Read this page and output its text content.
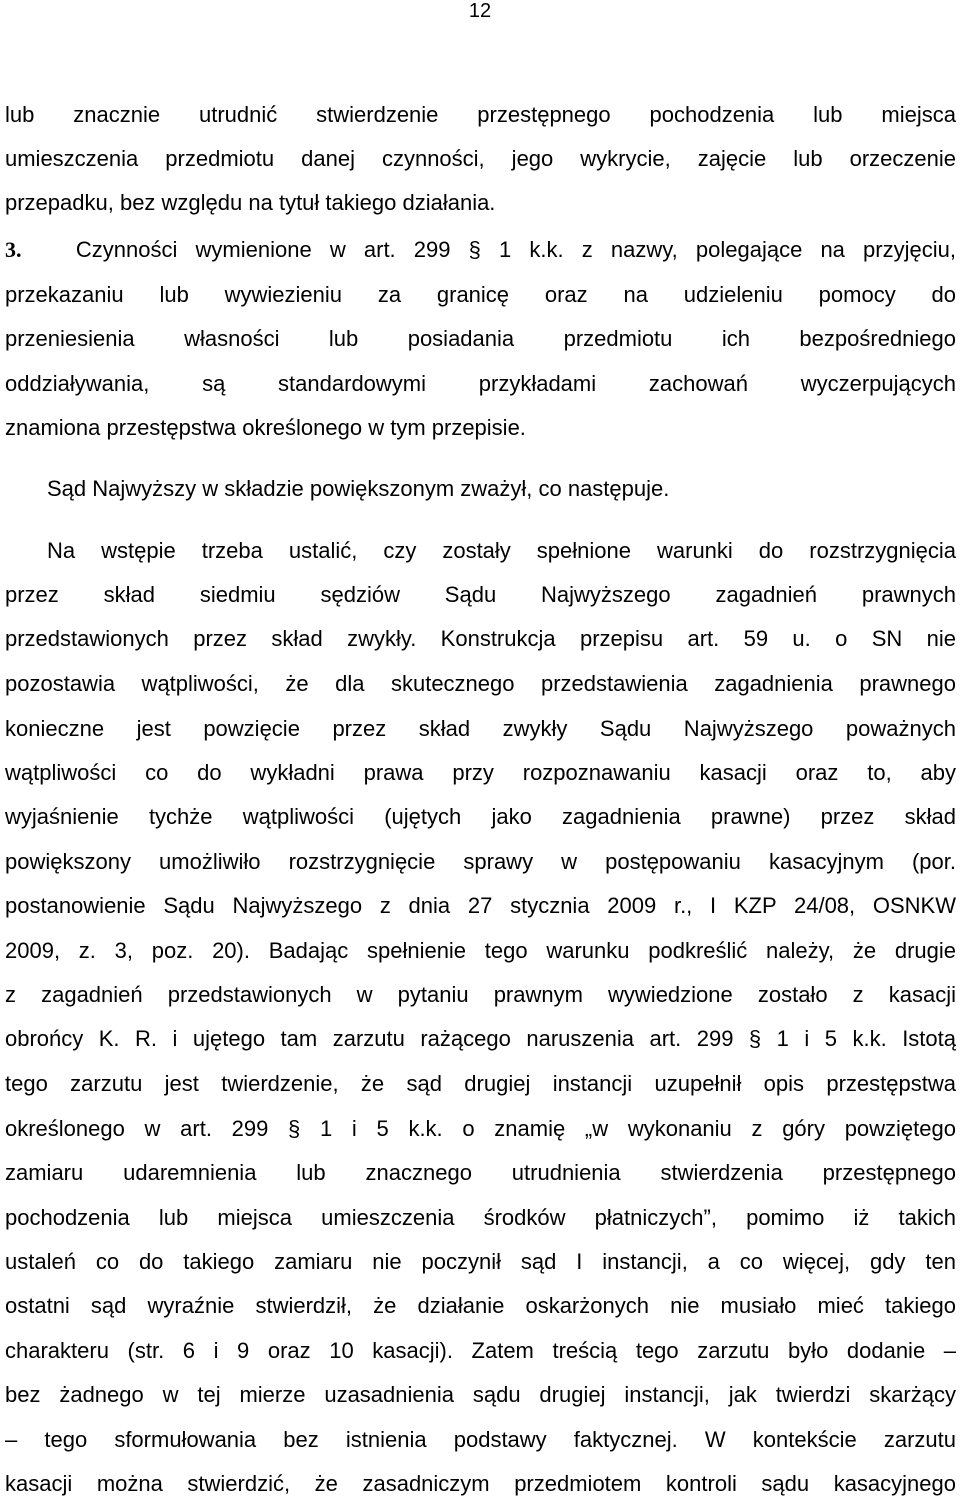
12
lub znacznie utrudnić stwierdzenie przestępnego pochodzenia lub miejsca
umieszczenia przedmiotu danej czynności, jego wykrycie, zajęcie lub orzeczenie
przepadku, bez względu na tytuł takiego działania.
3. Czynności wymienione w art. 299 § 1 k.k. z nazwy, polegające na przyjęciu,
przekazaniu lub wywiezieniu za granicę oraz na udzieleniu pomocy do
przeniesienia własności lub posiadania przedmiotu ich bezpośredniego
oddziaływania, są standardowymi przykładami zachowań wyczerpujących
znamiona przestępstwa określonego w tym przepisie.
Sąd Najwyższy w składzie powiększonym zważył, co następuje.
Na wstępie trzeba ustalić, czy zostały spełnione warunki do rozstrzygnięcia
przez skład siedmiu sędziów Sądu Najwyższego zagadnień prawnych
przedstawionych przez skład zwykły. Konstrukcja przepisu art. 59 u. o SN nie
pozostawia wątpliwości, że dla skutecznego przedstawienia zagadnienia prawnego
konieczne jest powzięcie przez skład zwykły Sądu Najwyższego poważnych
wątpliwości co do wykładni prawa przy rozpoznawaniu kasacji oraz to, aby
wyjaśnienie tychże wątpliwości (ujętych jako zagadnienia prawne) przez skład
powiększony umożliwiło rozstrzygnięcie sprawy w postępowaniu kasacyjnym (por.
postanowienie Sądu Najwyższego z dnia 27 stycznia 2009 r., I KZP 24/08, OSNKW
2009, z. 3, poz. 20). Badając spełnienie tego warunku podkreślić należy, że drugie
z zagadnień przedstawionych w pytaniu prawnym wywiedzione zostało z kasacji
obrońcy K. R. i ujętego tam zarzutu rażącego naruszenia art. 299 § 1 i 5 k.k. Istotą
tego zarzutu jest twierdzenie, że sąd drugiej instancji uzupełnił opis przestępstwa
określonego w art. 299 § 1 i 5 k.k. o znamię „w wykonaniu z góry powziętego
zamiaru udaremnienia lub znacznego utrudnienia stwierdzenia przestępnego
pochodzenia lub miejsca umieszczenia środków płatniczych”, pomimo iż takich
ustaleń co do takiego zamiaru nie poczynił sąd I instancji, a co więcej, gdy ten
ostatni sąd wyraźnie stwierdził, że działanie oskarżonych nie musiało mieć takiego
charakteru (str. 6 i 9 oraz 10 kasacji). Zatem treścią tego zarzutu było dodanie –
bez żadnego w tej mierze uzasadnienia sądu drugiej instancji, jak twierdzi skarżący
– tego sformułowania bez istnienia podstawy faktycznej. W kontekście zarzutu
kasacji można stwierdzić, że zasadniczym przedmiotem kontroli sądu kasacyjnego
